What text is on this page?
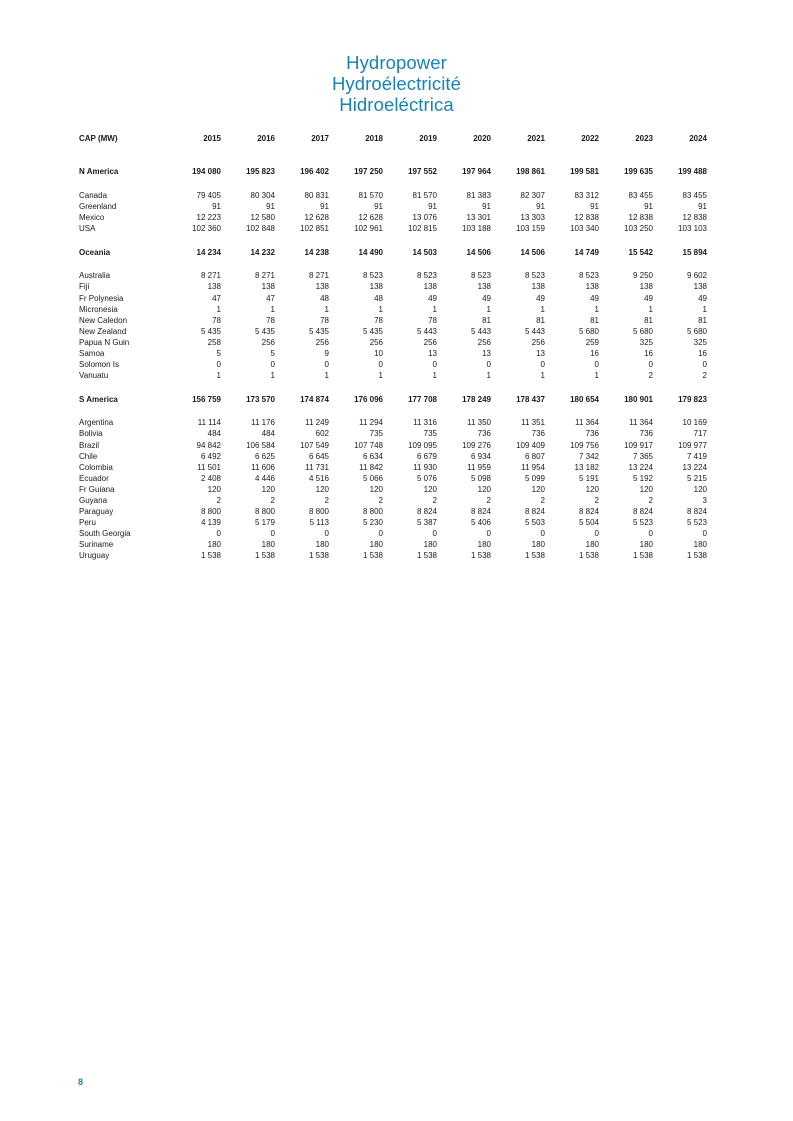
Hydropower
Hydroélectricité
Hidroeléctrica
CAP (MW)	2015	2016	2017	2018	2019	2020	2021	2022	2023	2024

N America	194 080	195 823	196 402	197 250	197 552	197 964	198 861	199 581	199 635	199 488

Canada	79 405	80 304	80 831	81 570	81 570	81 383	82 307	83 312	83 455	83 455
Greenland	91	91	91	91	91	91	91	91	91	91
Mexico	12 223	12 580	12 628	12 628	13 076	13 301	13 303	12 838	12 838	12 838
USA	102 360	102 848	102 851	102 961	102 815	103 188	103 159	103 340	103 250	103 103

Oceania	14 234	14 232	14 238	14 490	14 503	14 506	14 506	14 749	15 542	15 894

Australia	8 271	8 271	8 271	8 523	8 523	8 523	8 523	8 523	9 250	9 602
Fiji	138	138	138	138	138	138	138	138	138	138
Fr Polynesia	47	47	48	48	49	49	49	49	49	49
Micronesia	1	1	1	1	1	1	1	1	1	1
New Caledon	78	78	78	78	78	81	81	81	81	81
New Zealand	5 435	5 435	5 435	5 435	5 443	5 443	5 443	5 680	5 680	5 680
Papua N Guin	258	256	256	256	256	256	256	259	325	325
Samoa	5	5	9	10	13	13	13	16	16	16
Solomon Is	0	0	0	0	0	0	0	0	0	0
Vanuatu	1	1	1	1	1	1	1	1	2	2

S America	156 759	173 570	174 874	176 096	177 708	178 249	178 437	180 654	180 901	179 823

Argentina	11 114	11 176	11 249	11 294	11 316	11 350	11 351	11 364	11 364	10 169
Bolivia	484	484	602	735	735	736	736	736	736	717
Brazil	94 842	106 584	107 549	107 748	109 095	109 276	109 409	109 756	109 917	109 977
Chile	6 492	6 625	6 645	6 634	6 679	6 934	6 807	7 342	7 365	7 419
Colombia	11 501	11 606	11 731	11 842	11 930	11 959	11 954	13 182	13 224	13 224
Ecuador	2 408	4 446	4 516	5 066	5 076	5 098	5 099	5 191	5 192	5 215
Fr Guiana	120	120	120	120	120	120	120	120	120	120
Guyana	2	2	2	2	2	2	2	2	2	3
Paraguay	8 800	8 800	8 800	8 800	8 824	8 824	8 824	8 824	8 824	8 824
Peru	4 139	5 179	5 113	5 230	5 387	5 406	5 503	5 504	5 523	5 523
South Georgia	0	0	0	0	0	0	0	0	0	0
Suriname	180	180	180	180	180	180	180	180	180	180
Uruguay	1 538	1 538	1 538	1 538	1 538	1 538	1 538	1 538	1 538	1 538
8
